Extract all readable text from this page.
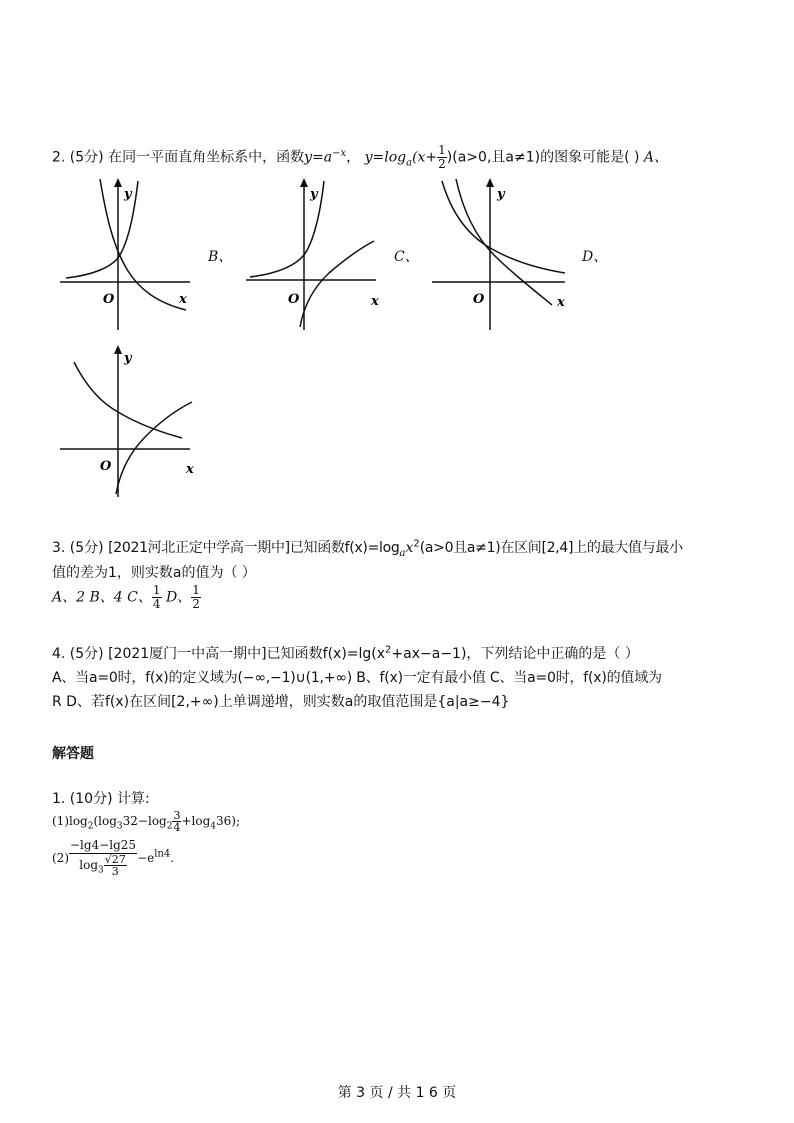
2. (5分) 在同一平面直角坐标系中，函数$y=a^{-x}$， $y=\log_a(x+ \frac{1}{2} )(a>0$,且a≠1)的图象可能是( ) A、
y
x
O
B、
y
x
O
C、
y
x
O
D、
y
x
O
3. (5分) [2021河北正定中学高一期中]已知函数$f(x)=\log_ax^2(a>0$且a≠1)在区间[2,4]上的最大值与最小
值的差为1，则实数a的值为（ ）
A、2 B、4 C、 $\frac{1}{4}$ D、 $\frac{1}{2}$
4. (5分) [2021厦门一中高一期中]已知函数$f(x)=\lg(x^2+ax-a-1)$，下列结论中正确的是（ ）
A、当a=0时，f(x)的定义域为(−∞,−1)∪(1,+∞) B、f(x)一定有最小值 C、当a=0时，f(x)的值域为
R D、若f(x)在区间[2,+∞)上单调递增，则实数a的取值范围是{a|a≥−4}
解答题
1. (10分) 计算:
$(1)\log_2(\log_332-\log_2 \frac{3}{4} +\log_436)$;
$(2) \frac{-\lg 4-\lg 25}{\log_3 \frac{√27}{3}} -e^{ln4}$.
第 3 页 / 共 1 6 页
